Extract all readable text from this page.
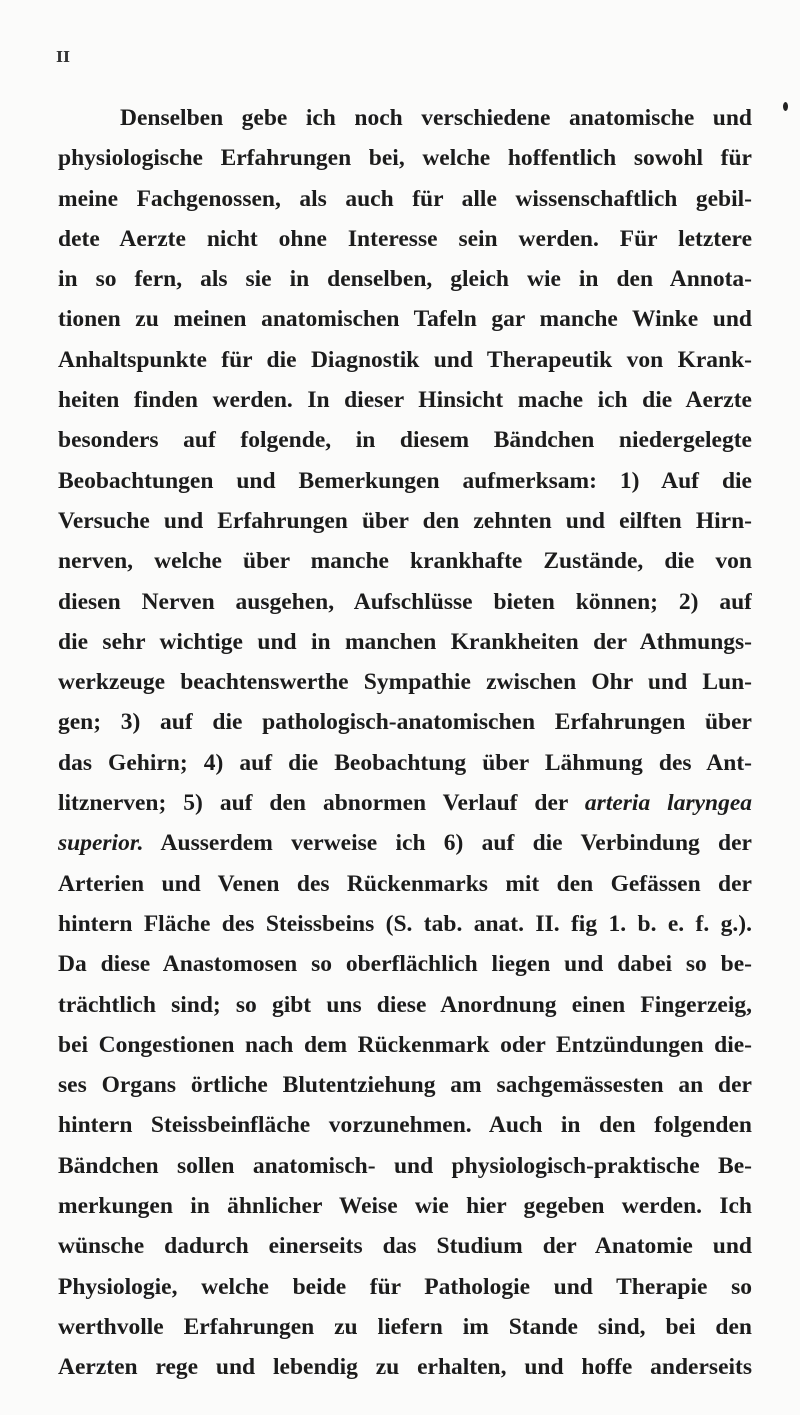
II
Denselben gebe ich noch verschiedene anatomische und
physiologische Erfahrungen bei, welche hoffentlich sowohl für
meine Fachgenossen, als auch für alle wissenschaftlich gebil-
dete Aerzte nicht ohne Interesse sein werden. Für letztere
in so fern, als sie in denselben, gleich wie in den Annota-
tionen zu meinen anatomischen Tafeln gar manche Winke und
Anhaltspunkte für die Diagnostik und Therapeutik von Krank-
heiten finden werden. In dieser Hinsicht mache ich die Aerzte
besonders auf folgende, in diesem Bändchen niedergelegte
Beobachtungen und Bemerkungen aufmerksam: 1) Auf die
Versuche und Erfahrungen über den zehnten und eilften Hirn-
nerven, welche über manche krankhafte Zustände, die von
diesen Nerven ausgehen, Aufschlüsse bieten können; 2) auf
die sehr wichtige und in manchen Krankheiten der Athmungs-
werkzeuge beachtenswerthe Sympathie zwischen Ohr und Lun-
gen; 3) auf die pathologisch-anatomischen Erfahrungen über
das Gehirn; 4) auf die Beobachtung über Lähmung des Ant-
litznerven; 5) auf den abnormen Verlauf der arteria laryngea
superior. Ausserdem verweise ich 6) auf die Verbindung der
Arterien und Venen des Rückenmarks mit den Gefässen der
hintern Fläche des Steissbeins (S. tab. anat. II. fig 1. b. e. f. g.).
Da diese Anastomosen so oberflächlich liegen und dabei so be-
trächtlich sind; so gibt uns diese Anordnung einen Fingerzeig,
bei Congestionen nach dem Rückenmark oder Entzündungen die-
ses Organs örtliche Blutentziehung am sachgemässesten an der
hintern Steissbeinfläche vorzunehmen. Auch in den folgenden
Bändchen sollen anatomisch- und physiologisch-praktische Be-
merkungen in ähnlicher Weise wie hier gegeben werden. Ich
wünsche dadurch einerseits das Studium der Anatomie und
Physiologie, welche beide für Pathologie und Therapie so
werthvolle Erfahrungen zu liefern im Stande sind, bei den
Aerzten rege und lebendig zu erhalten, und hoffe anderseits
